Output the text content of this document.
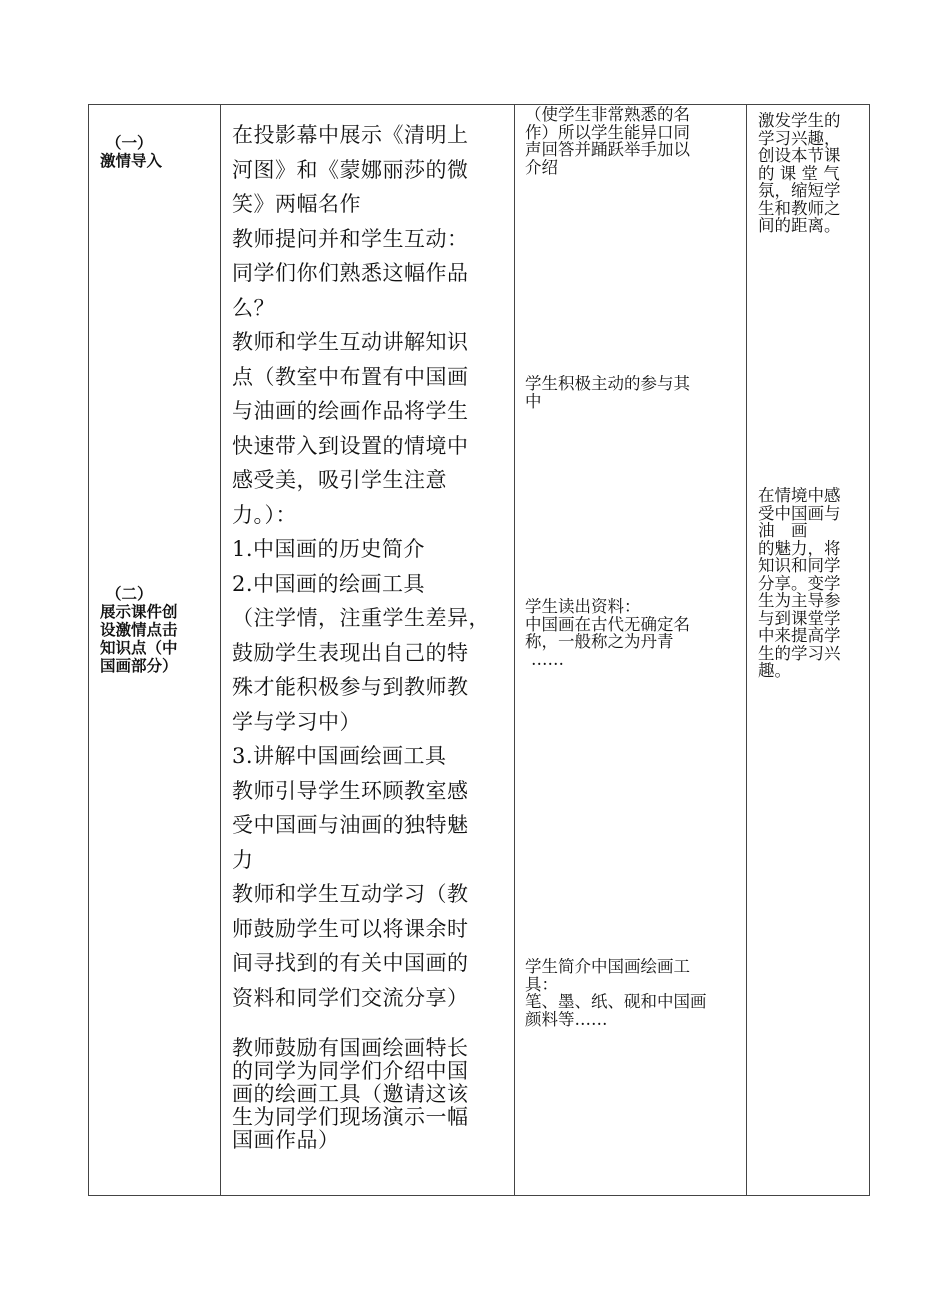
（一）
激情导入
（二）
展示课件创
设激情点击
知识点（中
国画部分）
在投影幕中展示《清明上
河图》和《蒙娜丽莎的微
笑》两幅名作
教师提问并和学生互动：
同学们你们熟悉这幅作品
么？
教师和学生互动讲解知识
点（教室中布置有中国画
与油画的绘画作品将学生
快速带入到设置的情境中
感受美，吸引学生注意
力。）：
1.中国画的历史简介
2.中国画的绘画工具
（注学情，注重学生差异，
鼓励学生表现出自己的特
殊才能积极参与到教师教
学与学习中）
3.讲解中国画绘画工具
教师引导学生环顾教室感
受中国画与油画的独特魅
力
教师和学生互动学习（教
师鼓励学生可以将课余时
间寻找到的有关中国画的
资料和同学们交流分享）
教师鼓励有国画绘画特长
的同学为同学们介绍中国
画的绘画工具（邀请这该
生为同学们现场演示一幅
国画作品）
（使学生非常熟悉的名
作）所以学生能异口同
声回答并踊跃举手加以
介绍
学生积极主动的参与其
中
学生读出资料：
中国画在古代无确定名
称，一般称之为丹青
……
学生简介中国画绘画工
具：
笔、墨、纸、砚和中国画
颜料等……
激发学生的
学习兴趣，
创设本节课
的 课 堂 气
氛，缩短学
生和教师之
间的距离。
在情境中感
受中国画与
油　画
的魅力，将
知识和同学
分享。变学
生为主导参
与到课堂学
中来提高学
生的学习兴
趣。
